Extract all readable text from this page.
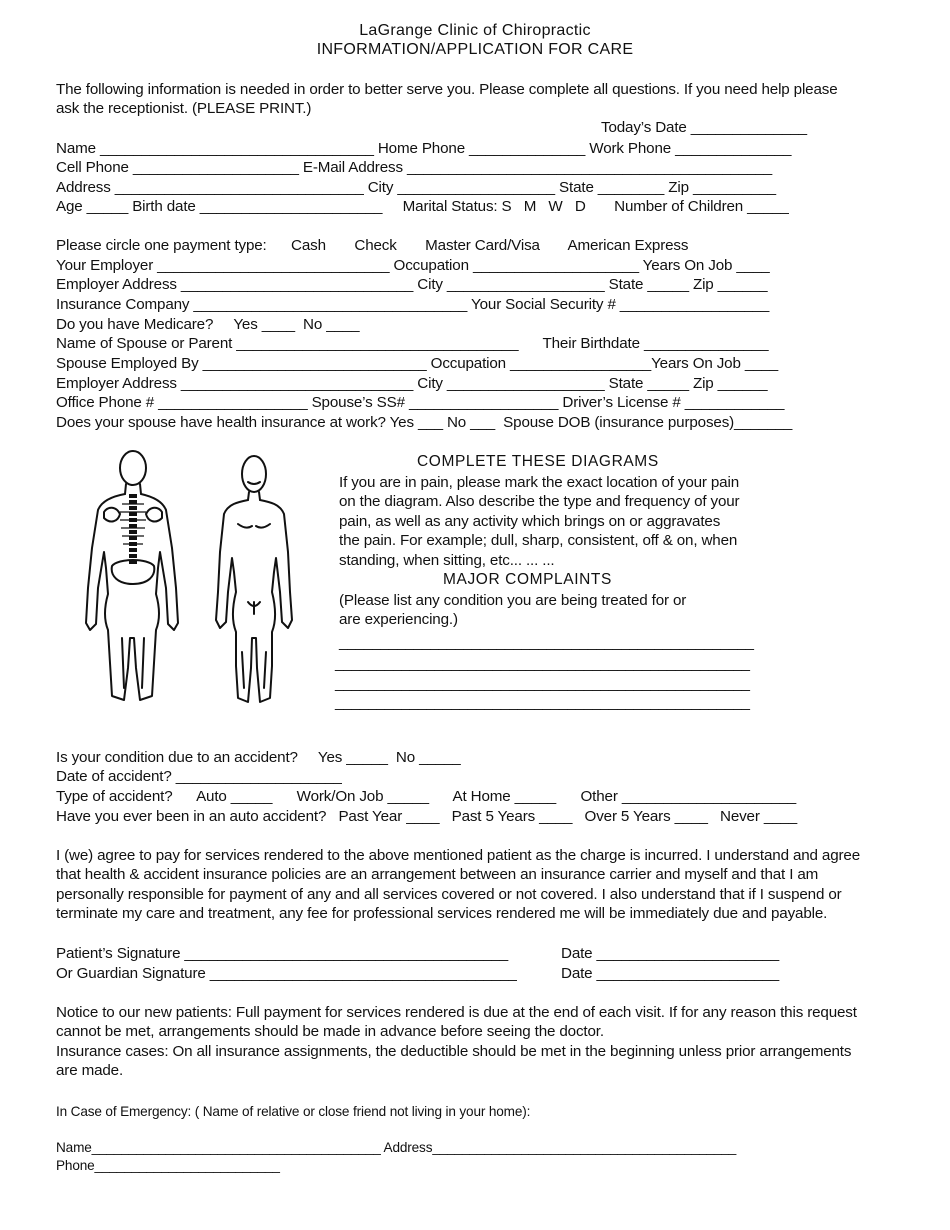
LaGrange Clinic of Chiropractic
INFORMATION/APPLICATION FOR CARE
The following information is needed in order to better serve you. Please complete all questions. If you need help please
ask the receptionist. (PLEASE PRINT.)
Today’s Date ______________
Name _________________________________ Home Phone ______________ Work Phone ______________
Cell Phone ____________________ E-Mail Address ____________________________________________
Address ______________________________ City ___________________ State ________ Zip __________
Age _____ Birth date ______________________     Marital Status: S   M   W   D       Number of Children _____
Please circle one payment type:      Cash       Check       Master Card/Visa       American Express
Your Employer ____________________________ Occupation ____________________ Years On Job ____
Employer Address ____________________________ City ___________________ State _____ Zip ______
Insurance Company _________________________________ Your Social Security # __________________
Do you have Medicare?     Yes ____  No ____
Name of Spouse or Parent __________________________________      Their Birthdate _______________
Spouse Employed By ___________________________ Occupation _________________Years On Job ____
Employer Address ____________________________ City ___________________ State _____ Zip ______
Office Phone # __________________ Spouse’s SS# __________________ Driver’s License # ____________
Does your spouse have health insurance at work? Yes ___ No ___  Spouse DOB (insurance purposes)_______
COMPLETE THESE DIAGRAMS
If you are in pain, please mark the exact location of your pain
on the diagram. Also describe the type and frequency of your
pain, as well as any activity which brings on or aggravates
the pain. For example; dull, sharp, consistent, off & on, when
standing, when sitting, etc... ... ...
MAJOR COMPLAINTS
(Please list any condition you are being treated for or
are experiencing.)
__________________________________________________
__________________________________________________
__________________________________________________
__________________________________________________
Is your condition due to an accident?     Yes _____  No _____
Date of accident? ____________________
Type of accident?      Auto _____      Work/On Job _____      At Home _____      Other _____________________
Have you ever been in an auto accident?   Past Year ____   Past 5 Years ____   Over 5 Years ____   Never ____
I (we) agree to pay for services rendered to the above mentioned patient as the charge is incurred. I understand and agree
that health & accident insurance policies are an arrangement between an insurance carrier and myself and that I am
personally responsible for payment of any and all services covered or not covered. I also understand that if I suspend or
terminate my care and treatment, any fee for professional services rendered me will be immediately due and payable.
Patient’s Signature _______________________________________	Date ______________________
Or Guardian Signature _____________________________________	Date ______________________
Notice to our new patients: Full payment for services rendered is due at the end of each visit. If for any reason this request
cannot be met, arrangements should be made in advance before seeing the doctor.
Insurance cases: On all insurance assignments, the deductible should be met in the beginning unless prior arrangements
are made.
In Case of Emergency: ( Name of relative or close friend not living in your home):
Name_______________________________________ Address_________________________________________
Phone_________________________
